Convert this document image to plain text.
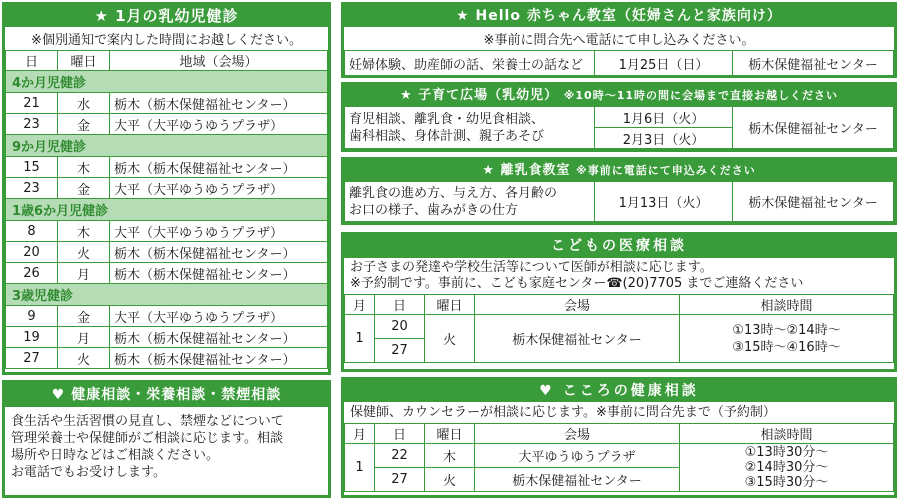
★ 1月の乳幼児健診
※個別通知で案内した時間にお越しください。
日	曜日	地域（会場）
4か月児健診		
21	水	栃木（栃木保健福祉センター）
23	金	大平（大平ゆうゆうプラザ）
9か月児健診		
15	木	栃木（栃木保健福祉センター）
23	金	大平（大平ゆうゆうプラザ）
1歳6か月児健診		
8	木	大平（大平ゆうゆうプラザ）
20	火	栃木（栃木保健福祉センター）
26	月	栃木（栃木保健福祉センター）
3歳児健診		
9	金	大平（大平ゆうゆうプラザ）
19	月	栃木（栃木保健福祉センター）
27	火	栃木（栃木保健福祉センター）
♥ 健康相談・栄養相談・禁煙相談
食生活や生活習慣の見直し、禁煙などについて
管理栄養士や保健師がご相談に応じます。相談
場所や日時などはご相談ください。
お電話でもお受けします。
★ Hello 赤ちゃん教室（妊婦さんと家族向け）
※事前に問合先へ電話にて申し込みください。
妊婦体験、助産師の話、栄養士の話など	1月25日（日）	栃木保健福祉センター
★ 子育て広場（乳幼児） ※10時～11時の間に会場まで直接お越しください
育児相談、離乳食・幼児食相談、
歯科相談、身体計測、親子あそび
	1月6日（火）	栃木保健福祉センター
2月3日（火）
★ 離乳食教室 ※事前に電話にて申込みください
離乳食の進め方、与え方、各月齢の
お口の様子、歯みがきの仕方	1月13日（火）	栃木保健福祉センター
こどもの医療相談
お子さまの発達や学校生活等について医師が相談に応じます。
※予約制です。事前に、こども家庭センター☎(20)7705 までご連絡ください
月	日	曜日	会場	相談時間
1	20	火	栃木保健福祉センター	①13時～②14時～
③15時～④16時～

	27			
♥ こころの健康相談
保健師、カウンセラーが相談に応じます。※事前に問合先まで（予約制）
月	日	曜日	会場	相談時間
1	22	木	大平ゆうゆうプラザ	①13時30分～
②14時30分～
③15時30分～

	27	火	栃木保健福祉センター	
